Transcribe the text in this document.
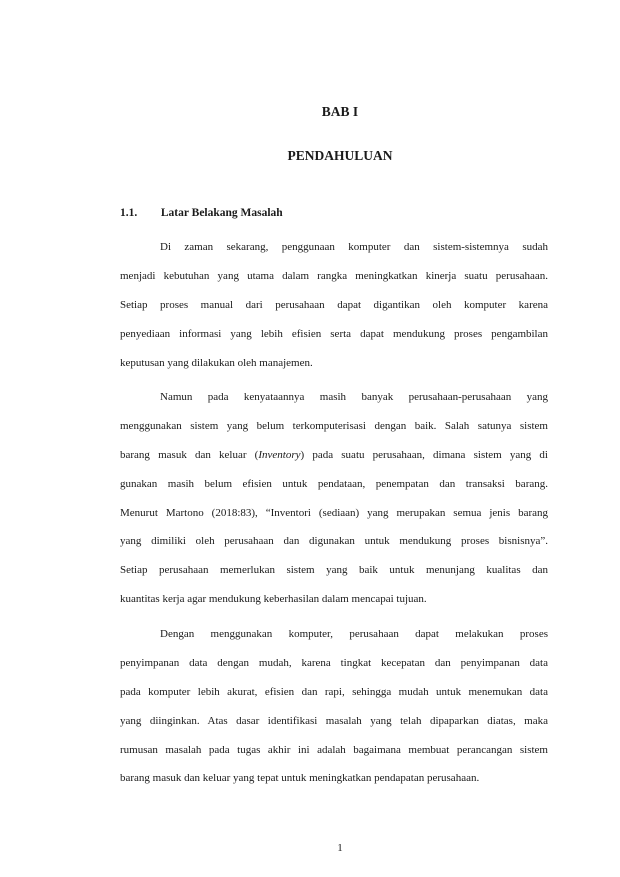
BAB I
PENDAHULUAN
1.1. Latar Belakang Masalah
Di zaman sekarang, penggunaan komputer dan sistem-sistemnya sudah
menjadi kebutuhan yang utama dalam rangka meningkatkan kinerja suatu perusahaan.
Setiap proses manual dari perusahaan dapat digantikan oleh komputer karena
penyediaan informasi yang lebih efisien serta dapat mendukung proses pengambilan
keputusan yang dilakukan oleh manajemen.
Namun pada kenyataannya masih banyak perusahaan-perusahaan yang
menggunakan sistem yang belum terkomputerisasi dengan baik. Salah satunya sistem
barang masuk dan keluar (Inventory) pada suatu perusahaan, dimana sistem yang di
gunakan masih belum efisien untuk pendataan, penempatan dan transaksi barang.
Menurut Martono (2018:83), “Inventori (sediaan) yang merupakan semua jenis barang
yang dimiliki oleh perusahaan dan digunakan untuk mendukung proses bisnisnya”.
Setiap perusahaan memerlukan sistem yang baik untuk menunjang kualitas dan
kuantitas kerja agar mendukung keberhasilan dalam mencapai tujuan.
Dengan menggunakan komputer, perusahaan dapat melakukan proses
penyimpanan data dengan mudah, karena tingkat kecepatan dan penyimpanan data
pada komputer lebih akurat, efisien dan rapi, sehingga mudah untuk menemukan data
yang diinginkan. Atas dasar identifikasi masalah yang telah dipaparkan diatas, maka
rumusan masalah pada tugas akhir ini adalah bagaimana membuat perancangan sistem
barang masuk dan keluar yang tepat untuk meningkatkan pendapatan perusahaan.
1
